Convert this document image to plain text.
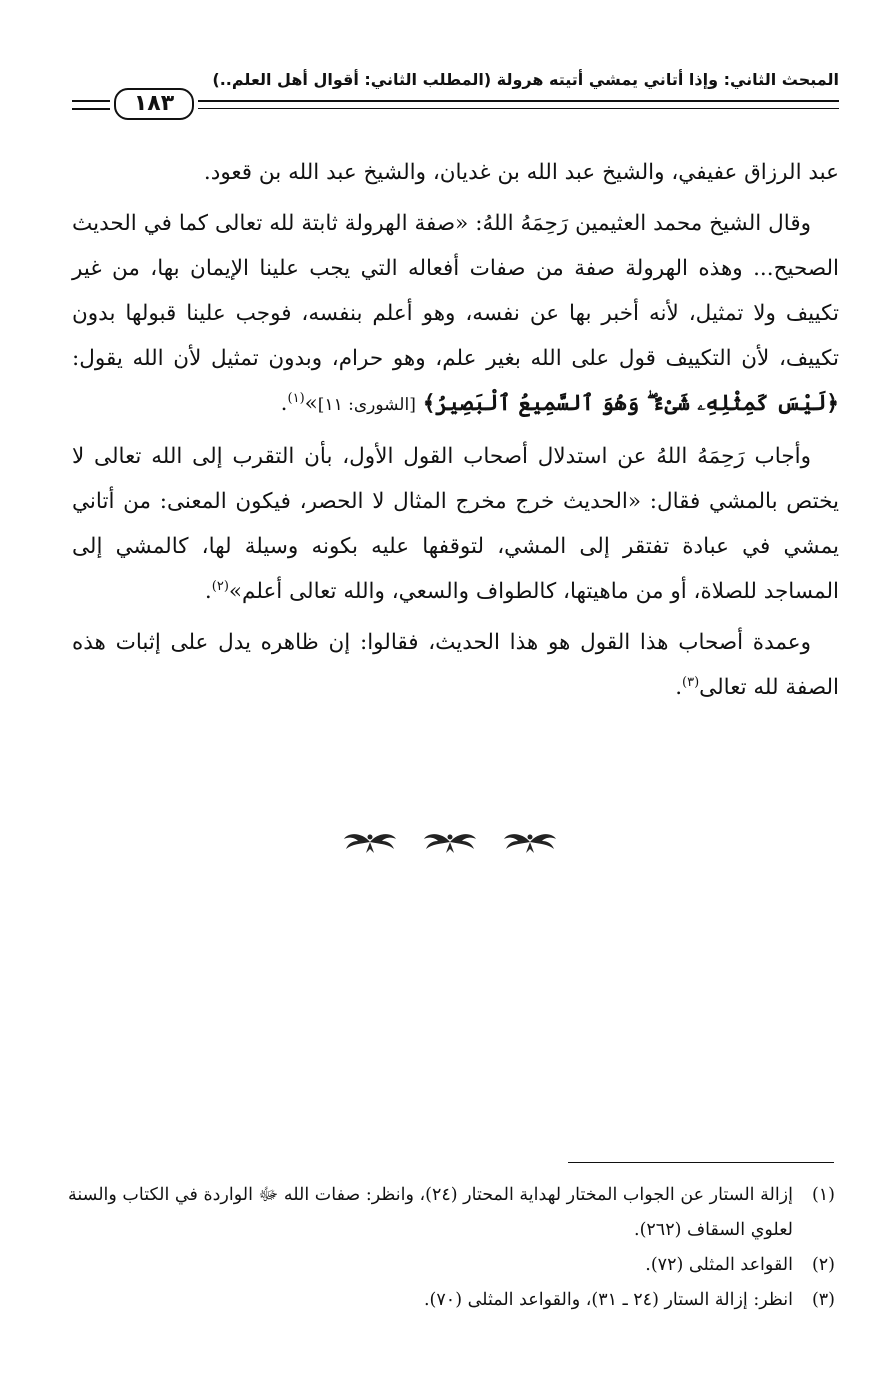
المبحث الثاني: وإذا أتاني يمشي أتيته هرولة (المطلب الثاني: أقوال أهل العلم..)
١٨٣

عبد الرزاق عفيفي، والشيخ عبد الله بن غديان، والشيخ عبد الله بن قعود.

وقال الشيخ محمد العثيمين رَحِمَهُ اللهُ: «صفة الهرولة ثابتة لله تعالى كما في الحديث الصحيح... وهذه الهرولة صفة من صفات أفعاله التي يجب علينا الإيمان بها، من غير تكييف ولا تمثيل، لأنه أخبر بها عن نفسه، وهو أعلم بنفسه، فوجب علينا قبولها بدون تكييف، لأن التكييف قول على الله بغير علم، وهو حرام، وبدون تمثيل لأن الله يقول: ﴿لَيْسَ كَمِثْلِهِۦ شَىْءٌ ۖ وَهُوَ ٱلسَّمِيعُ ٱلْبَصِيرُ﴾ [الشورى: ١١]»$^{(١)}$.

وأجاب رَحِمَهُ اللهُ عن استدلال أصحاب القول الأول، بأن التقرب إلى الله تعالى لا يختص بالمشي فقال: «الحديث خرج مخرج المثال لا الحصر، فيكون المعنى: من أتاني يمشي في عبادة تفتقر إلى المشي، لتوقفها عليه بكونه وسيلة لها، كالمشي إلى المساجد للصلاة، أو من ماهيتها، كالطواف والسعي، والله تعالى أعلم»$^{(٢)}$.

وعمدة أصحاب هذا القول هو هذا الحديث، فقالوا: إن ظاهره يدل على إثبات هذه الصفة لله تعالى$^{(٣)}$.

(١)
إزالة الستار عن الجواب المختار لهداية المحتار (٢٤)، وانظر: صفات الله ﷻ الواردة في الكتاب والسنة لعلوي السقاف (٢٦٢).
(٢)
القواعد المثلى (٧٢).
(٣)
انظر: إزالة الستار (٢٤ ـ ٣١)، والقواعد المثلى (٧٠).
